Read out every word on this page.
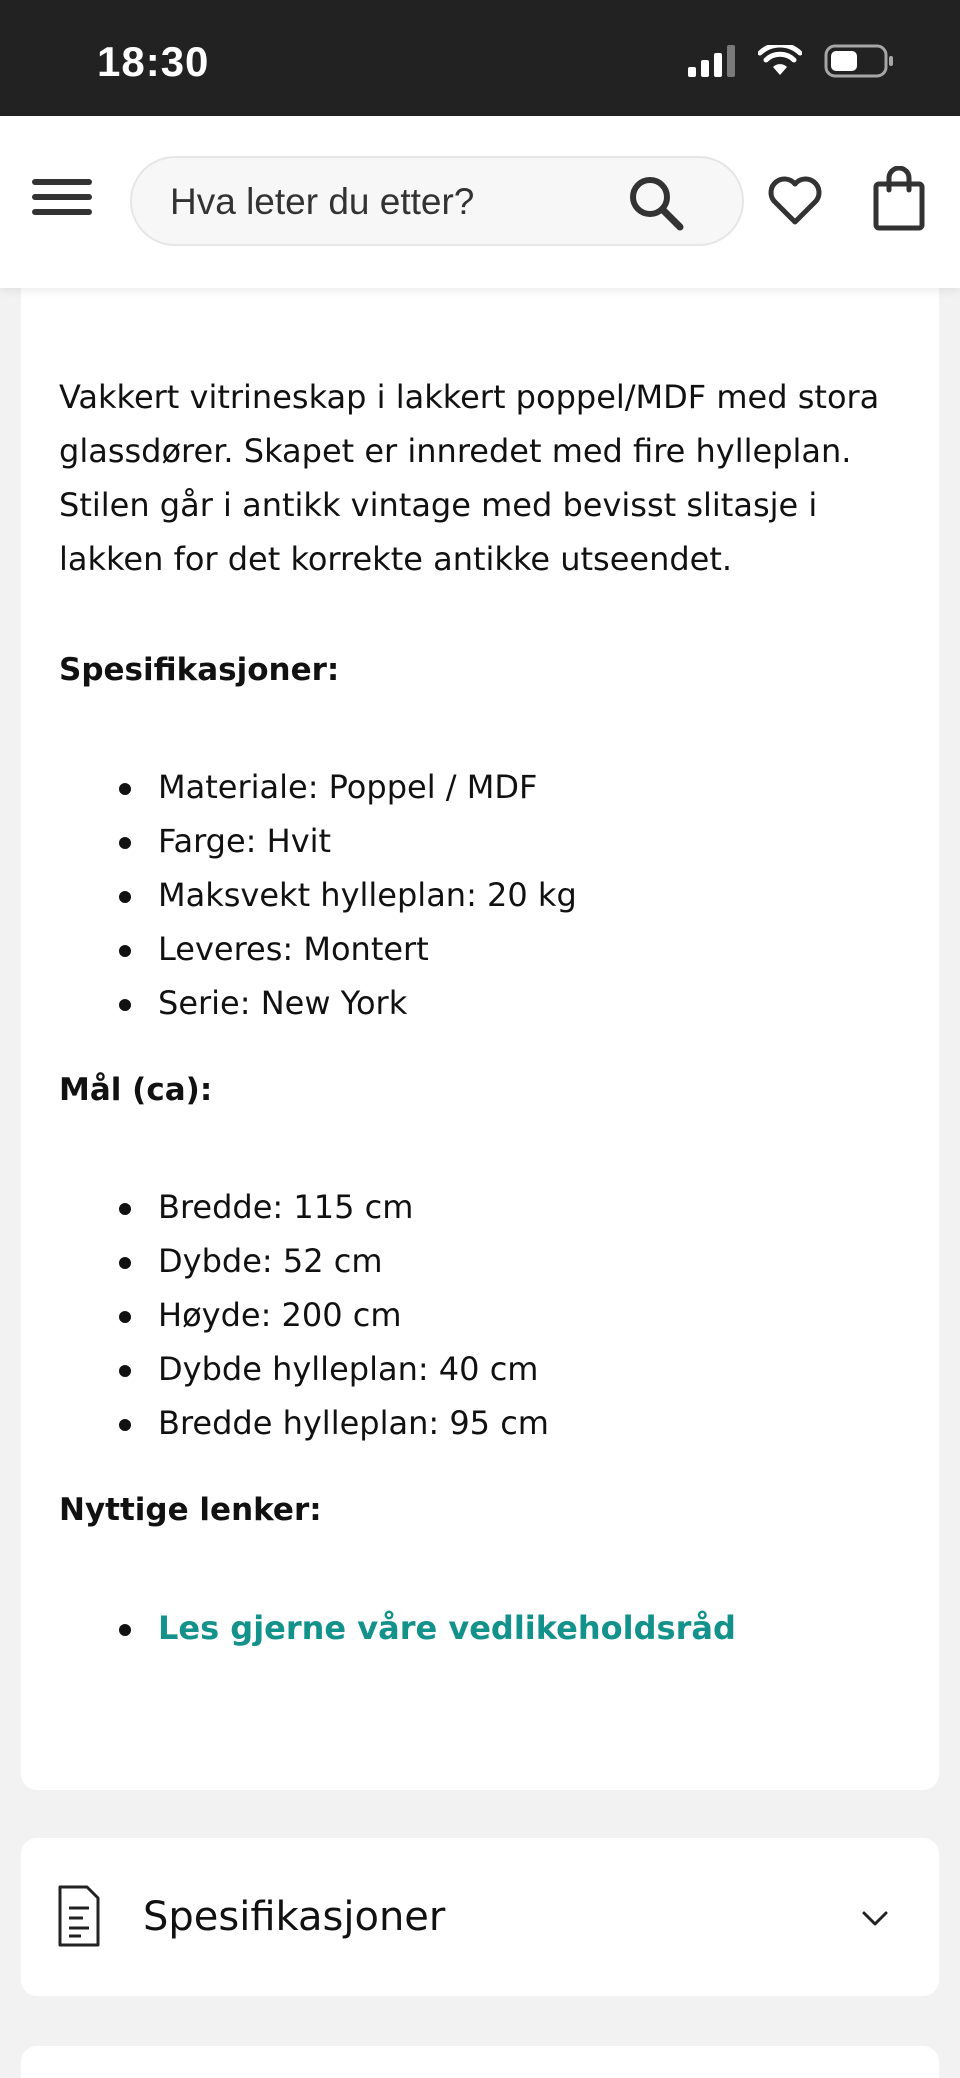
18:30
Hva leter du etter?

Vakkert vitrineskap i lakkert poppel/MDF med stora glassdører. Skapet er innredet med fire hylleplan. Stilen går i antikk vintage med bevisst slitasje i lakken for det korrekte antikke utseendet.

Spesifikasjoner:
Materiale: Poppel / MDF
Farge: Hvit
Maksvekt hylleplan: 20 kg
Leveres: Montert
Serie: New York
Mål (ca):
Bredde: 115 cm
Dybde: 52 cm
Høyde: 200 cm
Dybde hylleplan: 40 cm
Bredde hylleplan: 95 cm
Nyttige lenker:
Les gjerne våre vedlikeholdsråd
Spesifikasjoner
